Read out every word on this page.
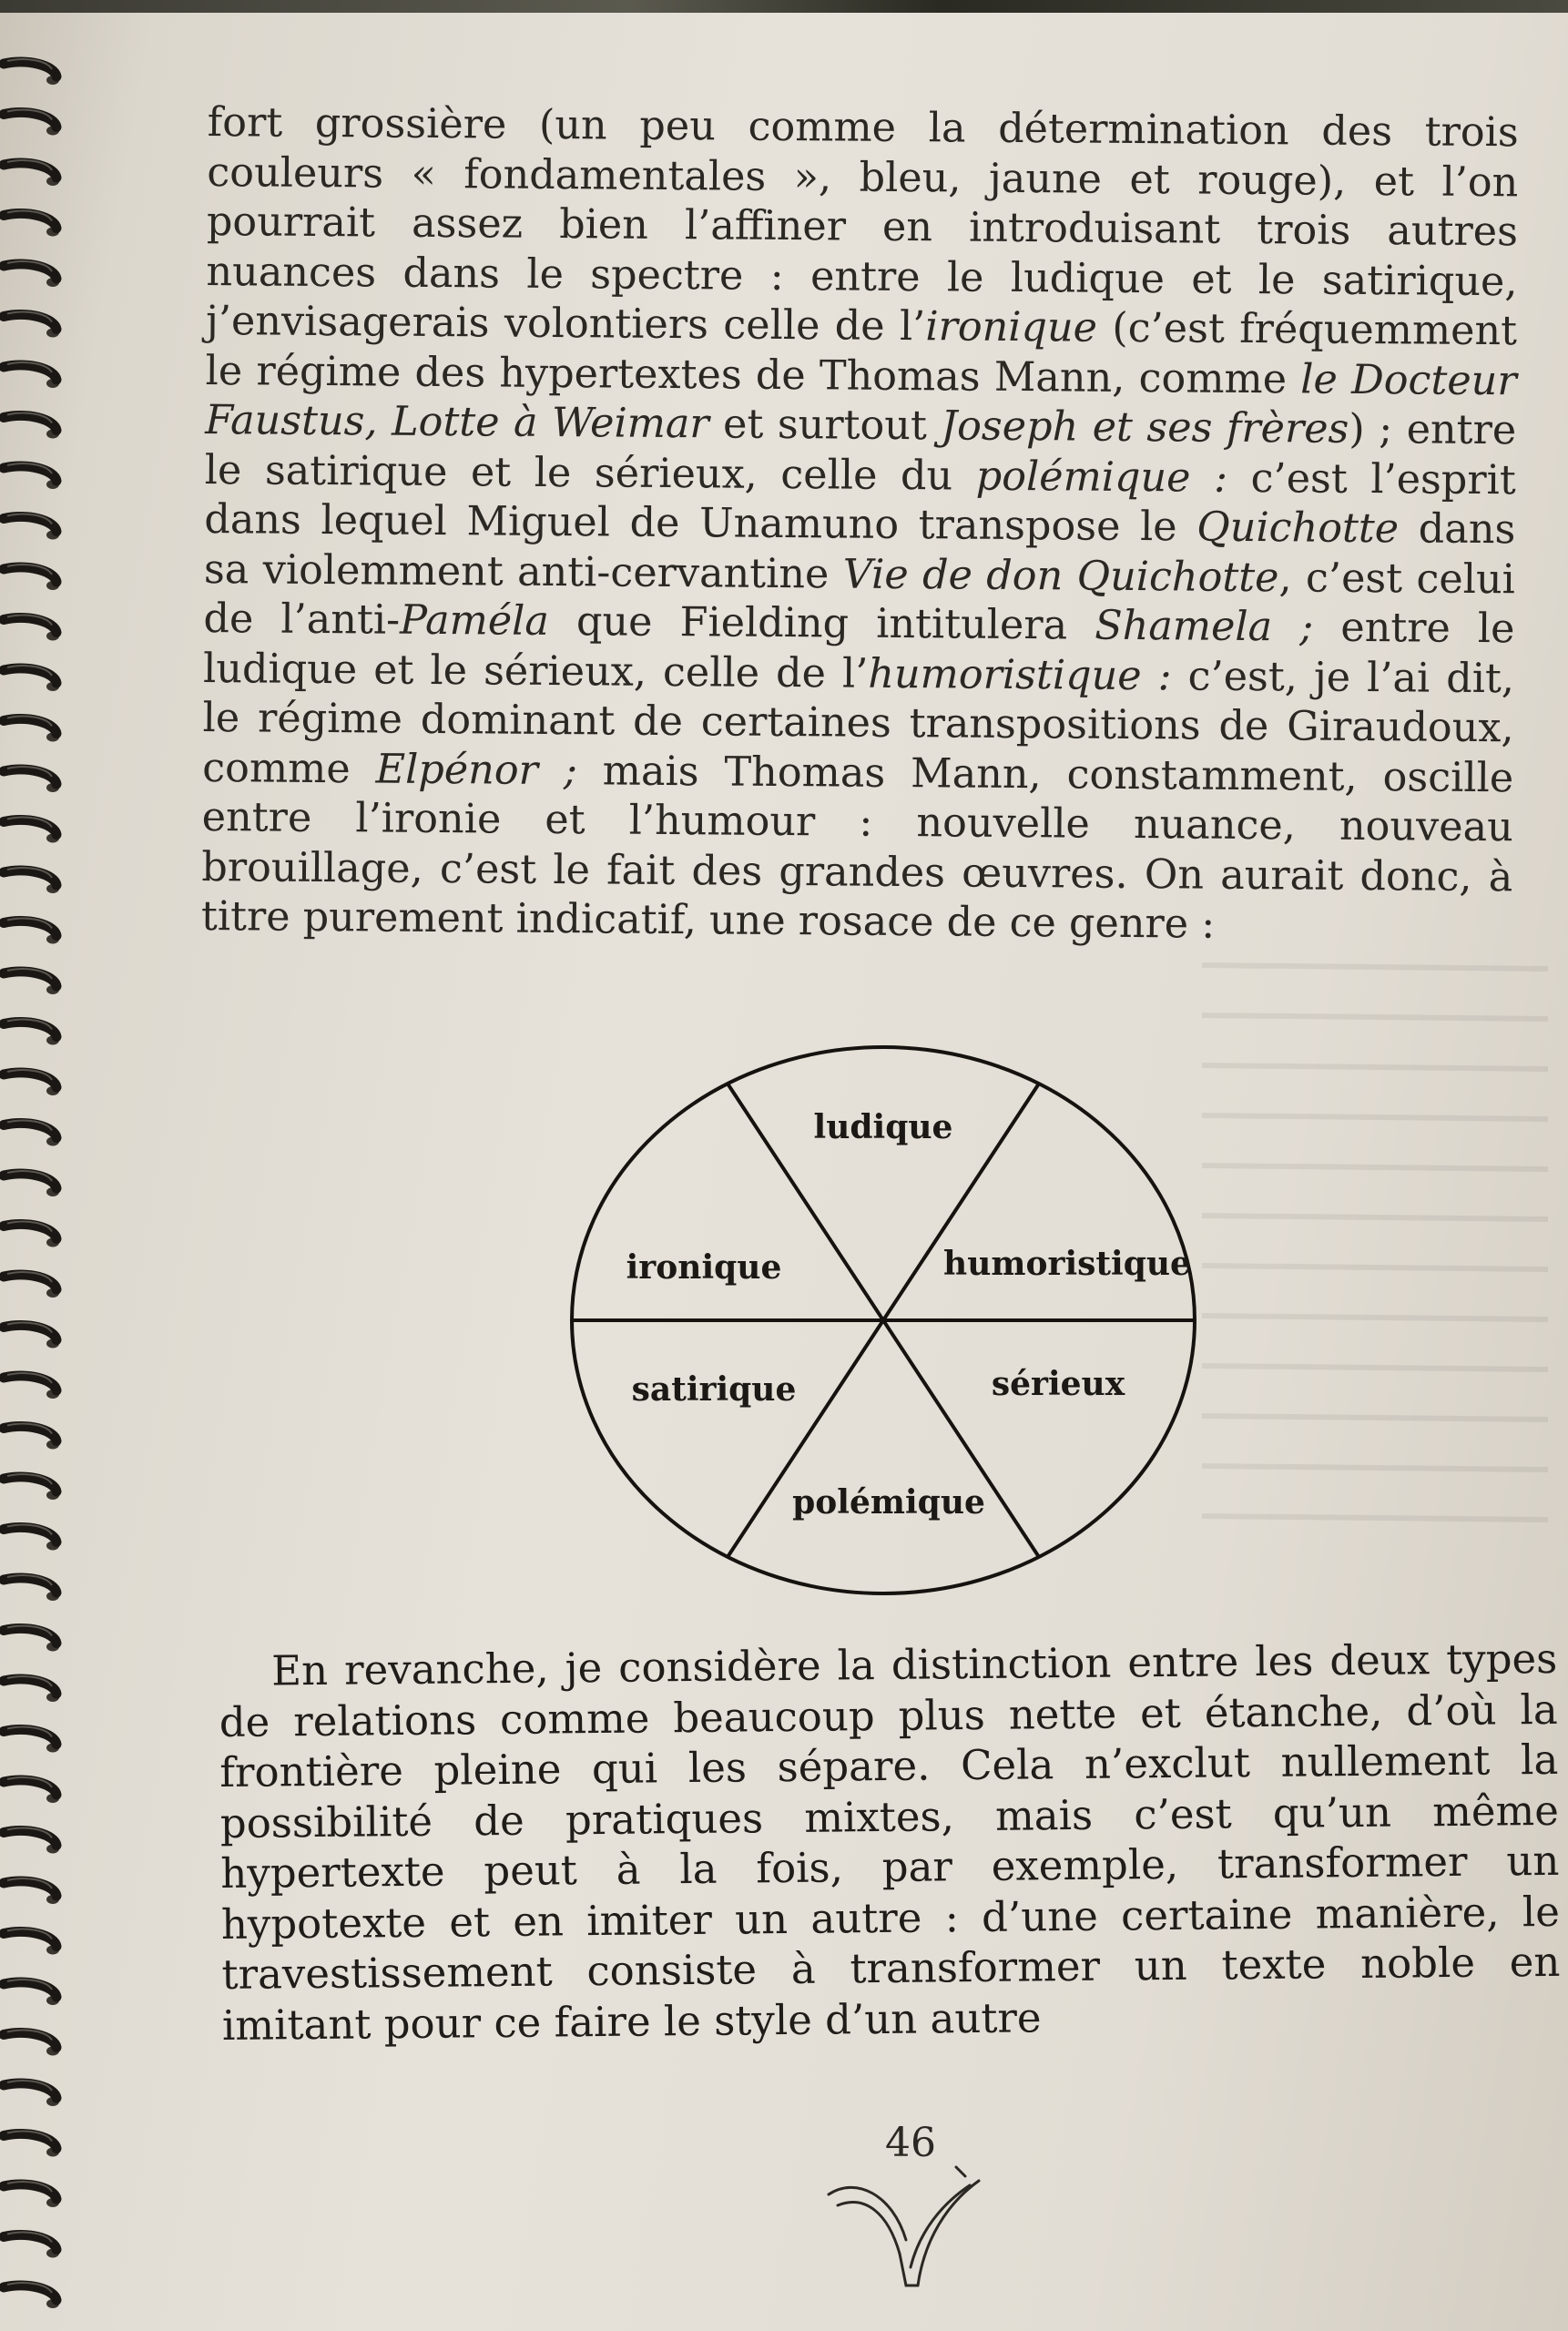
fort grossière (un peu comme la détermination des trois couleurs « fondamentales », bleu, jaune et rouge), et l’on pourrait assez bien l’affiner en introduisant trois autres nuances dans le spectre : entre le ludique et le satirique, j’envisagerais volontiers celle de l’ironique (c’est fréquemment le régime des hypertextes de Thomas Mann, comme le Docteur Faustus, Lotte à Weimar et surtout Joseph et ses frères) ; entre le satirique et le sérieux, celle du polémique : c’est l’esprit dans lequel Miguel de Unamuno transpose le Quichotte dans sa violemment anti-cervantine Vie de don Quichotte, c’est celui de l’anti-Paméla que Fielding intitulera Shamela ; entre le ludique et le sérieux, celle de l’humoristique : c’est, je l’ai dit, le régime dominant de certaines transpositions de Giraudoux, comme Elpénor ; mais Thomas Mann, constamment, oscille entre l’ironie et l’humour : nouvelle nuance, nouveau brouillage, c’est le fait des grandes œuvres. On aurait donc, à titre purement indicatif, une rosace de ce genre :

ludique
ironique	humoristique
satirique	sérieux
polémique

En revanche, je considère la distinction entre les deux types de relations comme beaucoup plus nette et étanche, d’où la frontière pleine qui les sépare. Cela n’exclut nullement la possibilité de pratiques mixtes, mais c’est qu’un même hypertexte peut à la fois, par exemple, transformer un hypotexte et en imiter un autre : d’une certaine manière, le travestissement consiste à transformer un texte noble en imitant pour ce faire le style d’un autre

46
